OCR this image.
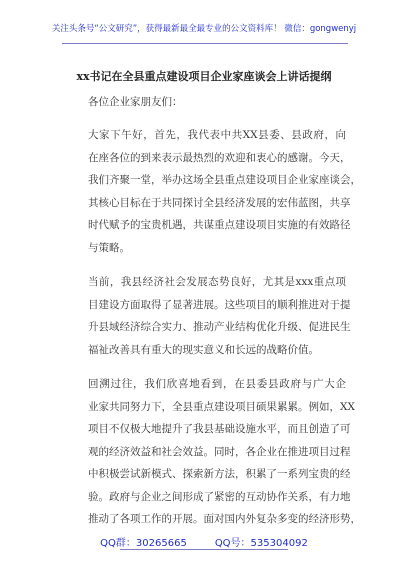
关注头条号“公文研究”，获得最新最全最专业的公文资料库！ 微信：gongwenyj
xx书记在全县重点建设项目企业家座谈会上讲话提纲
各位企业家朋友们：
大家下午好，首先，我代表中共XX县委、县政府，向
在座各位的到来表示最热烈的欢迎和衷心的感谢。今天，
我们齐聚一堂，举办这场全县重点建设项目企业家座谈会，
其核心目标在于共同探讨全县经济发展的宏伟蓝图，共享
时代赋予的宝贵机遇，共谋重点建设项目实施的有效路径
与策略。
当前，我县经济社会发展态势良好，尤其是xxx重点项
目建设方面取得了显著进展。这些项目的顺利推进对于提
升县域经济综合实力、推动产业结构优化升级、促进民生
福祉改善具有重大的现实意义和长远的战略价值。
回溯过往，我们欣喜地看到，在县委县政府与广大企
业家共同努力下，全县重点建设项目硕果累累。例如，XX
项目不仅极大地提升了我县基础设施水平，而且创造了可
观的经济效益和社会效益。同时，各企业在推进项目过程
中积极尝试新模式、探索新方法，积累了一系列宝贵的经
验。政府与企业之间形成了紧密的互动协作关系，有力地
推动了各项工作的开展。面对国内外复杂多变的经济形势，
QQ群：30265665	QQ号：535304092
